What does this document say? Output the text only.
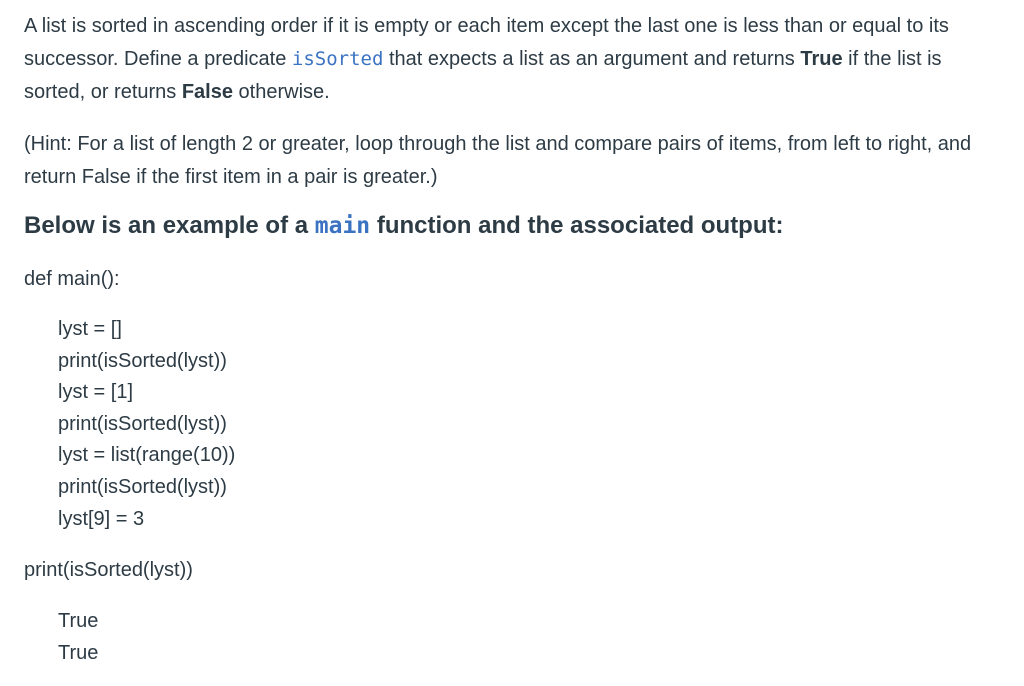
A list is sorted in ascending order if it is empty or each item except the last one is less than or equal to its successor. Define a predicate isSorted that expects a list as an argument and returns True if the list is sorted, or returns False otherwise.

(Hint: For a list of length 2 or greater, loop through the list and compare pairs of items, from left to right, and return False if the first item in a pair is greater.)

Below is an example of a main function and the associated output:
def main():
lyst = []
print(isSorted(lyst))
lyst = [1]
print(isSorted(lyst))
lyst = list(range(10))
print(isSorted(lyst))
lyst[9] = 3
print(isSorted(lyst))
True
True
